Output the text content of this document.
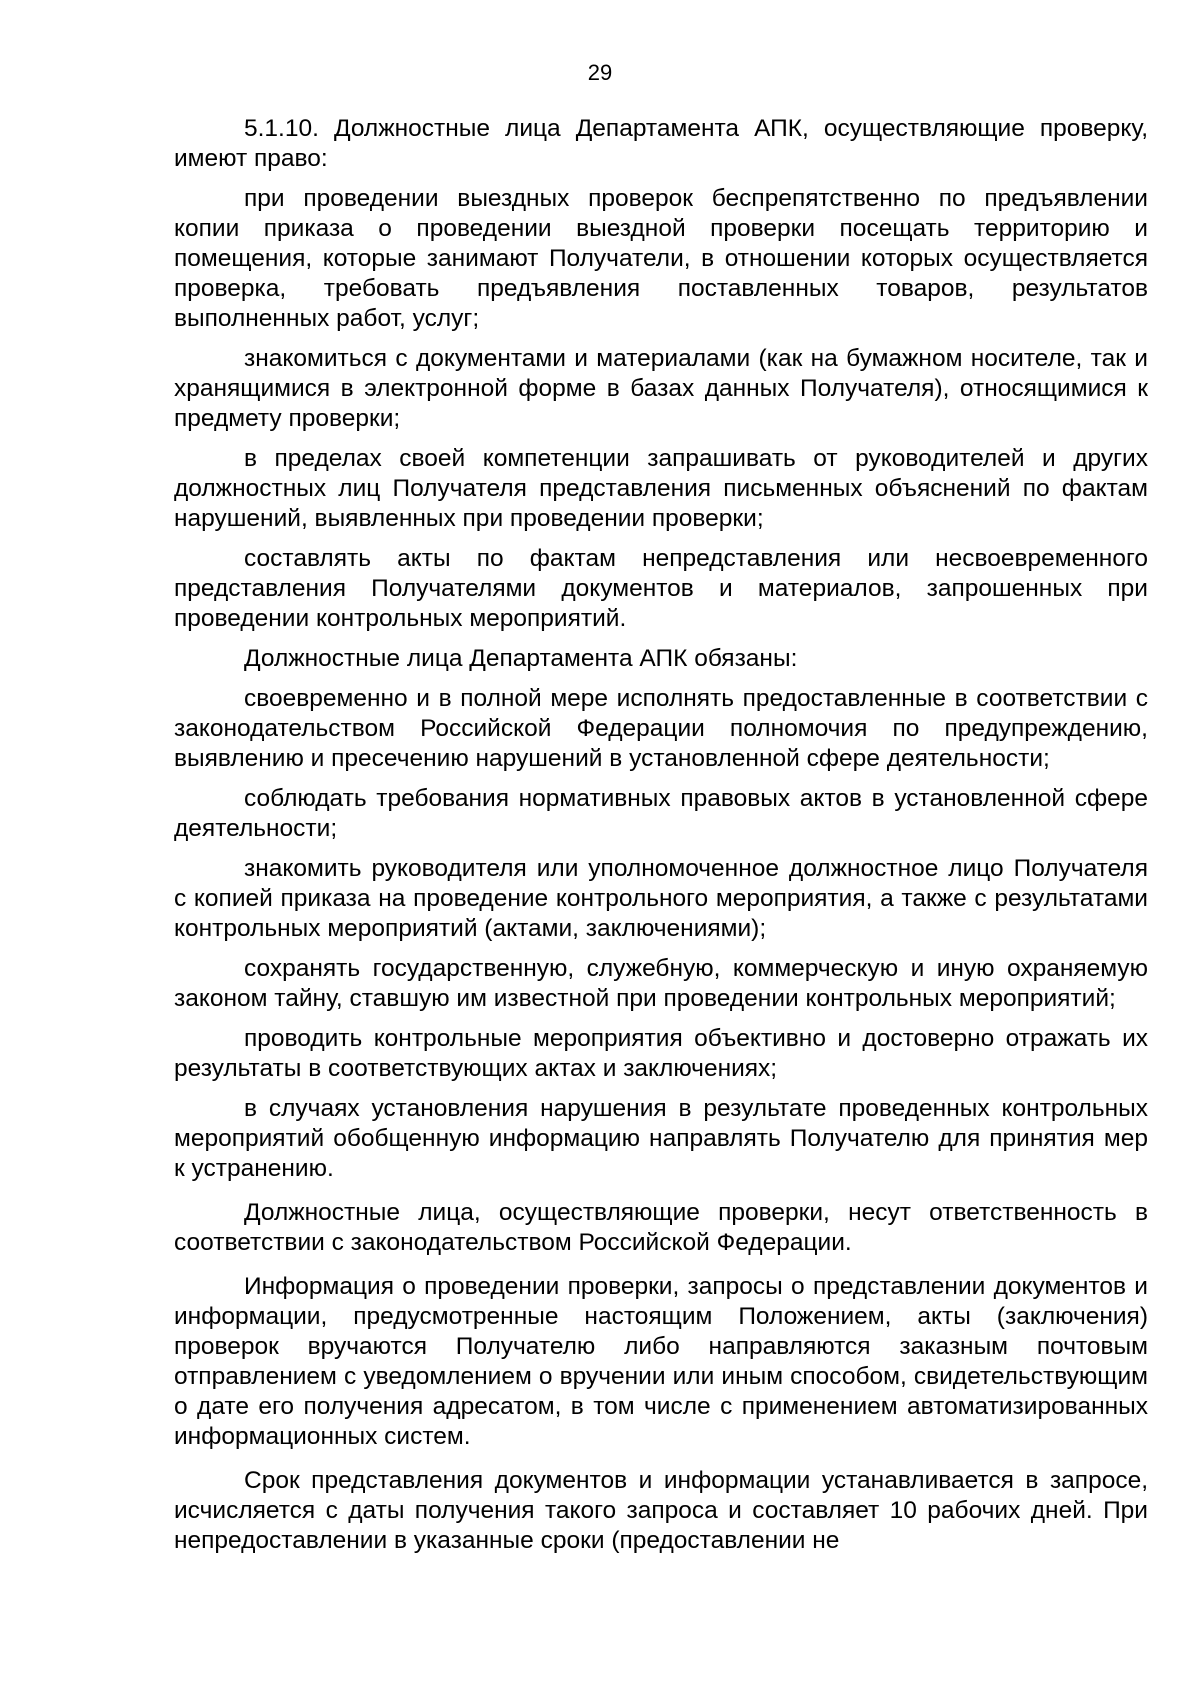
29

5.1.10. Должностные лица Департамента АПК, осуществляющие проверку, имеют право:

при проведении выездных проверок беспрепятственно по предъявлении копии приказа о проведении выездной проверки посещать территорию и помещения, которые занимают Получатели, в отношении которых осуществляется проверка, требовать предъявления поставленных товаров, результатов выполненных работ, услуг;

знакомиться с документами и материалами (как на бумажном носителе, так и хранящимися в электронной форме в базах данных Получателя), относящимися к предмету проверки;

в пределах своей компетенции запрашивать от руководителей и других должностных лиц Получателя представления письменных объяснений по фактам нарушений, выявленных при проведении проверки;

составлять акты по фактам непредставления или несвоевременного представления Получателями документов и материалов, запрошенных при проведении контрольных мероприятий.

Должностные лица Департамента АПК обязаны:

своевременно и в полной мере исполнять предоставленные в соответствии с законодательством Российской Федерации полномочия по предупреждению, выявлению и пресечению нарушений в установленной сфере деятельности;

соблюдать требования нормативных правовых актов в установленной сфере деятельности;

знакомить руководителя или уполномоченное должностное лицо Получателя с копией приказа на проведение контрольного мероприятия, а также с результатами контрольных мероприятий (актами, заключениями);

сохранять государственную, служебную, коммерческую и иную охраняемую законом тайну, ставшую им известной при проведении контрольных мероприятий;

проводить контрольные мероприятия объективно и достоверно отражать их результаты в соответствующих актах и заключениях;

в случаях установления нарушения в результате проведенных контрольных мероприятий обобщенную информацию направлять Получателю для принятия мер к устранению.

Должностные лица, осуществляющие проверки, несут ответственность в соответствии с законодательством Российской Федерации.

Информация о проведении проверки, запросы о представлении документов и информации, предусмотренные настоящим Положением, акты (заключения) проверок вручаются Получателю либо направляются заказным почтовым отправлением с уведомлением о вручении или иным способом, свидетельствующим о дате его получения адресатом, в том числе с применением автоматизированных информационных систем.

Срок представления документов и информации устанавливается в запросе, исчисляется с даты получения такого запроса и составляет 10 рабочих дней. При непредоставлении в указанные сроки (предоставлении не
